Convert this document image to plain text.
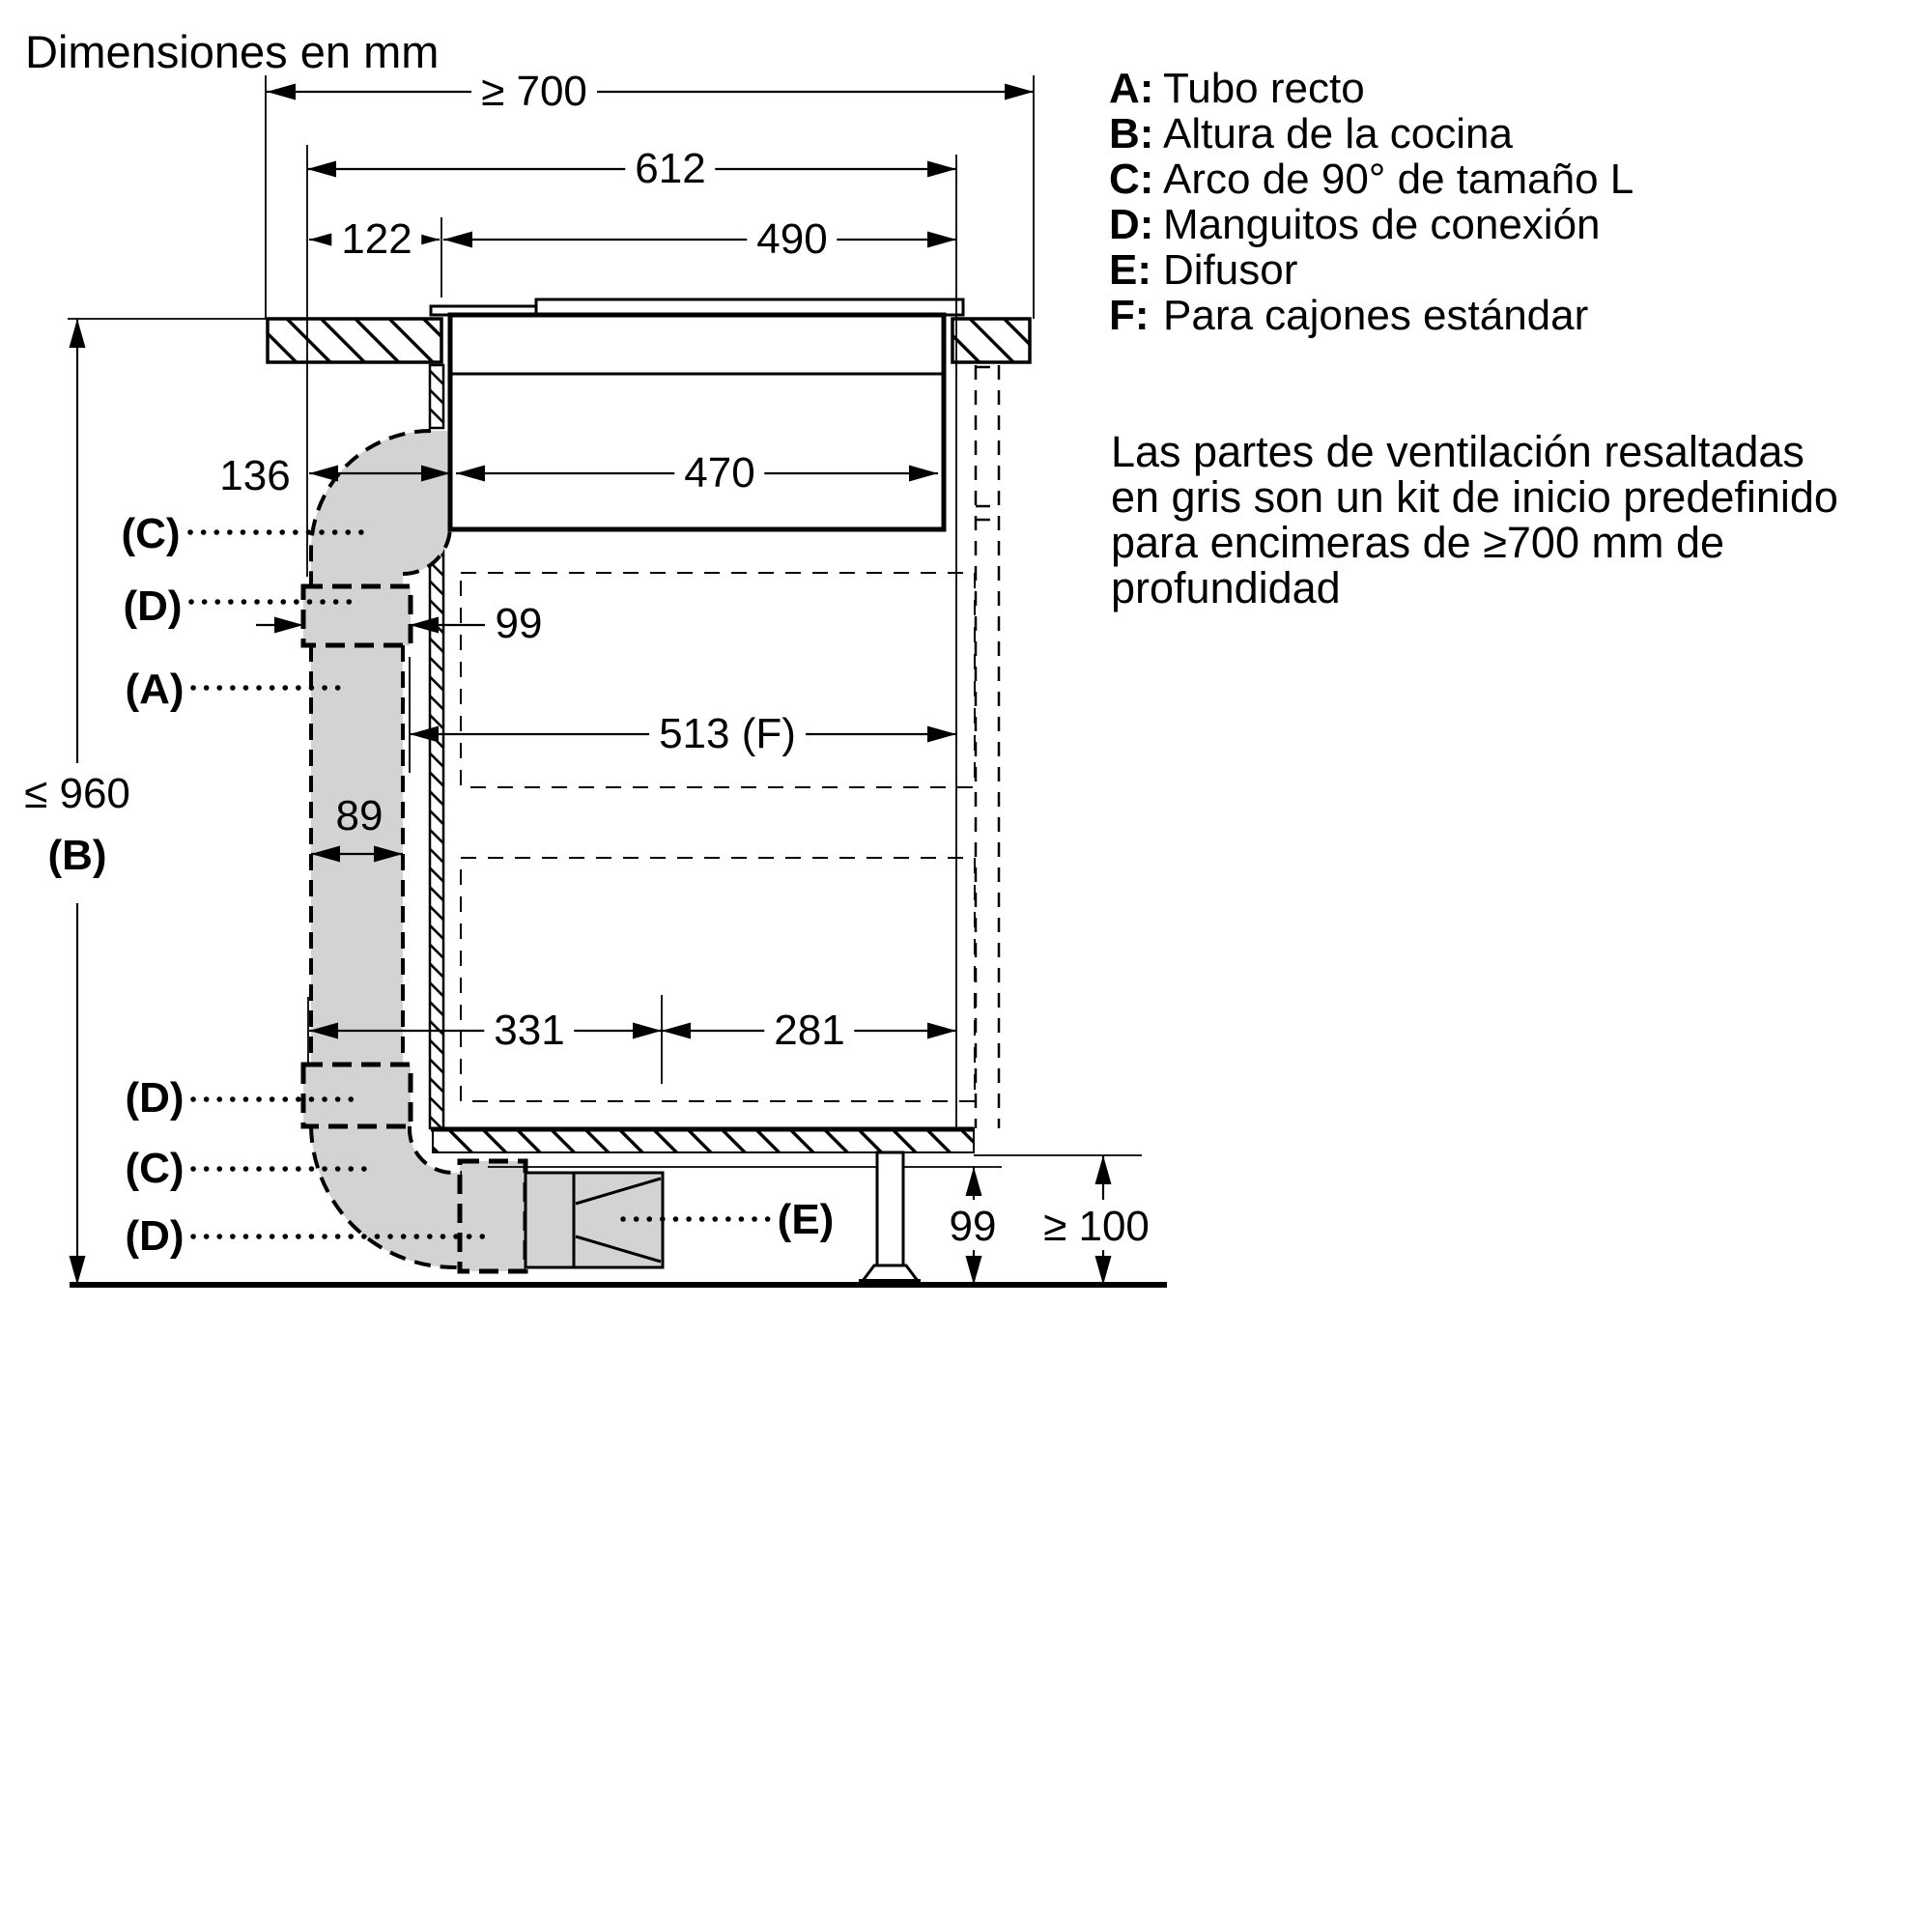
Dimensiones en mm
≥ 700
612
122	490
136	470
99
513 (F)
89
331	281
≤ 960
(B)
99 ≥ 100
(C)
(D)
(A)
(D)
(C)
(D)	(E)
A: Tubo recto
B: Altura de la cocina
C: Arco de 90° de tamaño L
D: Manguitos de conexión
E: Difusor
F: Para cajones estándar
Las partes de ventilación resaltadas
en gris son un kit de inicio predefinido
para encimeras de ≥700 mm de
profundidad
